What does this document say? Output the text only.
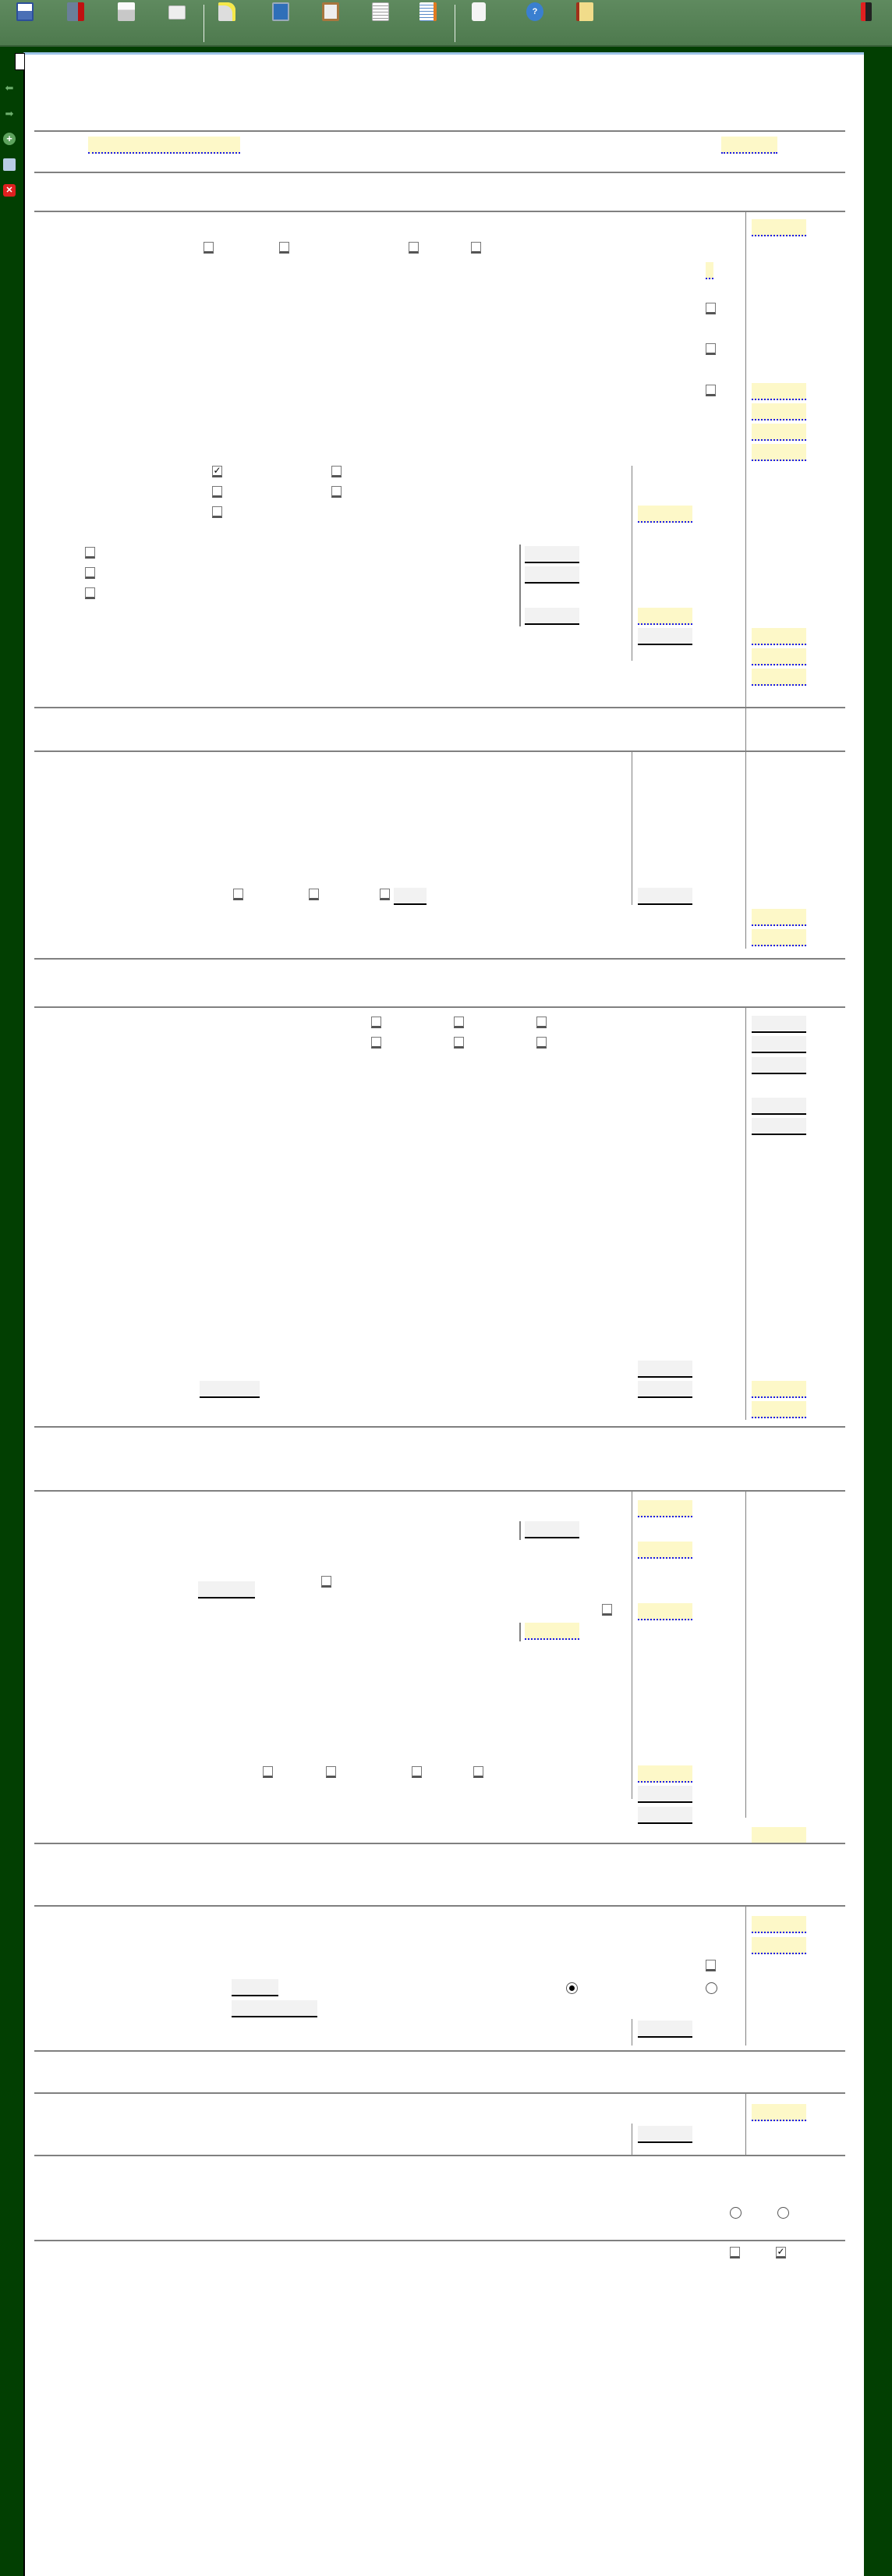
?
⬅
➡
+
✕
✓
✓
